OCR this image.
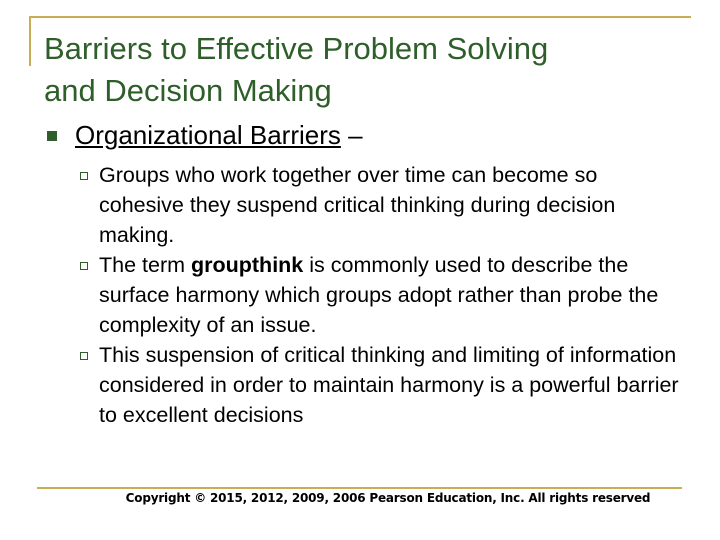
Barriers to Effective Problem Solving
and Decision Making
Organizational Barriers –
Groups who work together over time can become so cohesive they suspend critical thinking during decision making.
The term groupthink is commonly used to describe the surface harmony which groups adopt rather than probe the complexity of an issue.
This suspension of critical thinking and limiting of information considered in order to maintain harmony is a powerful barrier to excellent decisions
Copyright © 2015, 2012, 2009, 2006 Pearson Education, Inc. All rights reserved
